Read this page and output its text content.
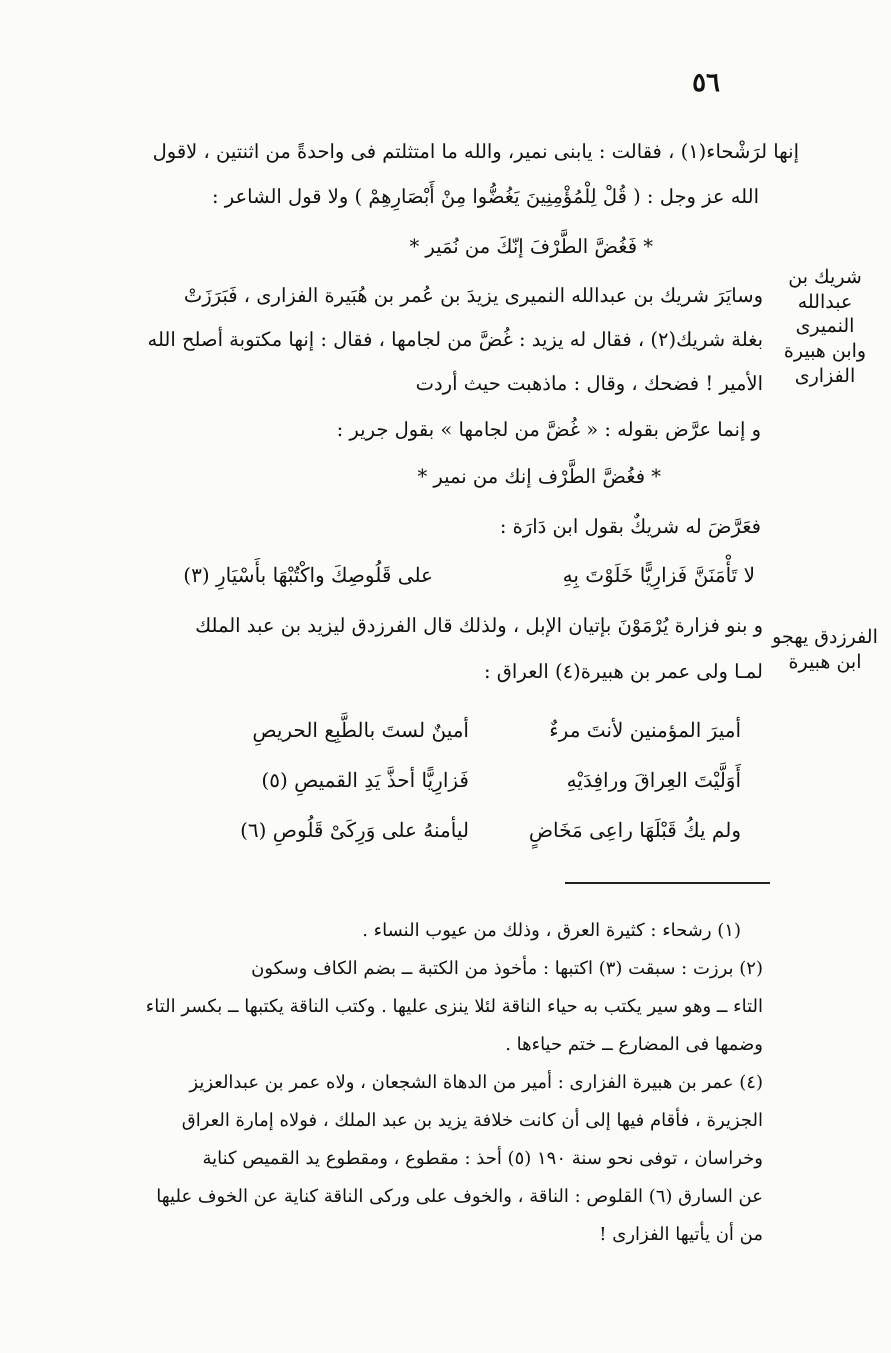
٥٦
إنها لرَشْحاء(١) ، فقالت : يابنى نمير، والله ما امتثلتم فى واحدةً من اثنتين ، لاقول
الله عز وجل : ( قُلْ لِلْمُؤْمِنِينَ يَغُضُّوا مِنْ أَبْصَارِهِمْ ) ولا قول الشاعر :
* فَغُضَّ الطَّرْفَ إنّكَ من نُمَير *
وسايَرَ شريك بن عبدالله النميرى يزيدَ بن عُمر بن هُبَيرة الفزارى ، فَبَرَزَتْ
بغلة شريك(٢) ، فقال له يزيد : غُضَّ من لجامها ، فقال : إنها مكتوبة أصلح الله
الأمير ! فضحك ، وقال : ماذهبت حيث أردت
و إنما عرَّض بقوله : « غُضَّ من لجامها » بقول جرير :
* فغُضَّ الطَّرْف إنك من نمير *
فعَرَّضَ له شريكٌ بقول ابن دَارَة :
لا تَأْمَنَنَّ فَزارِيًّا خَلَوْتَ بِهِ
على قَلُوصِكَ واكْتُبْهَا بأَسْيَارِ (٣)
و بنو فزارة يُرْمَوْنَ بإتيان الإبل ، ولذلك قال الفرزدق ليزيد بن عبد الملك
لمـا ولى عمر بن هبيرة(٤) العراق :
أميرَ المؤمنين لأنتَ مرءٌ
أمينٌ لستَ بالطَّبِع الحريصِ
أَوَلَّيْتَ العِراقَ ورافِدَيْهِ
فَزارِيًّا أحذَّ يَدِ القميصِ (٥)
ولم يكُ قَبْلَهَا راعِى مَخَاضٍ
ليأمنهُ على وَرِكَىْ قَلُوصِ (٦)
شريك بن
عبدالله النميرى
وابن هبيرة
الفزارى
الفرزدق يهجو
ابن هبيرة
(١) رشحاء : كثيرة العرق ، وذلك من عيوب النساء .
(٢) برزت : سبقت (٣) اكتبها : مأخوذ من الكتبة ــ بضم الكاف وسكون
التاء ــ وهو سير يكتب به حياء الناقة لئلا ينزى عليها . وكتب الناقة يكتبها ــ بكسر التاء
وضمها فى المضارع ــ ختم حياءها .
(٤) عمر بن هبيرة الفزارى : أمير من الدهاة الشجعان ، ولاه عمر بن عبدالعزيز
الجزيرة ، فأقام فيها إلى أن كانت خلافة يزيد بن عبد الملك ، فولاه إمارة العراق
وخراسان ، توفى نحو سنة ١٩٠ (٥) أحذ : مقطوع ، ومقطوع يد القميص كناية
عن السارق (٦) القلوص : الناقة ، والخوف على وركى الناقة كناية عن الخوف عليها
من أن يأتيها الفزارى !
